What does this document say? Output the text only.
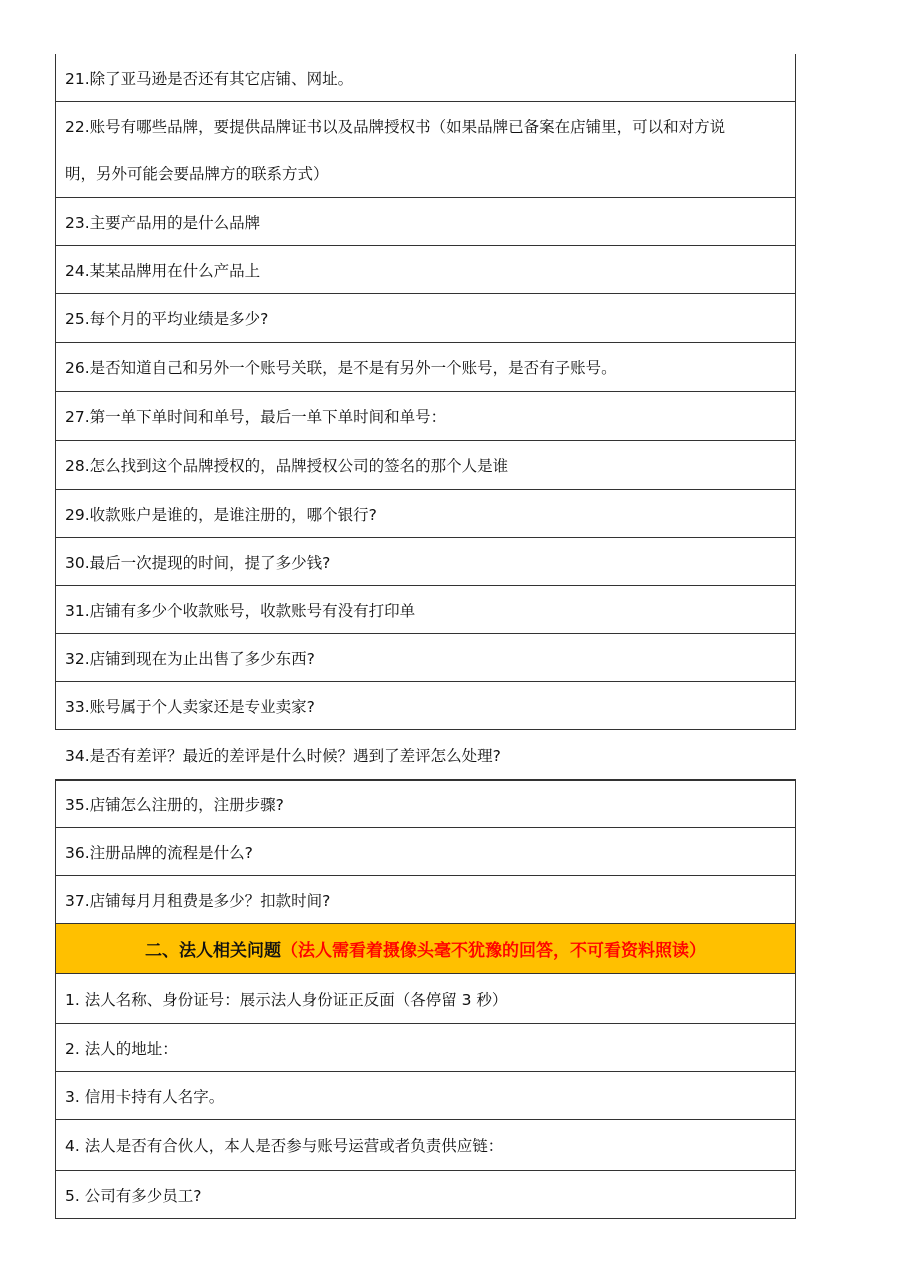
21.除了亚马逊是否还有其它店铺、网址。
22.账号有哪些品牌，要提供品牌证书以及品牌授权书（如果品牌已备案在店铺里，可以和对方说
明，另外可能会要品牌方的联系方式）
23.主要产品用的是什么品牌
24.某某品牌用在什么产品上
25.每个月的平均业绩是多少?
26.是否知道自己和另外一个账号关联，是不是有另外一个账号，是否有子账号。
27.第一单下单时间和单号，最后一单下单时间和单号：
28.怎么找到这个品牌授权的，品牌授权公司的签名的那个人是谁
29.收款账户是谁的，是谁注册的，哪个银行?
30.最后一次提现的时间，提了多少钱?
31.店铺有多少个收款账号，收款账号有没有打印单
32.店铺到现在为止出售了多少东西?
33.账号属于个人卖家还是专业卖家?
34.是否有差评？最近的差评是什么时候？遇到了差评怎么处理?
35.店铺怎么注册的，注册步骤?
36.注册品牌的流程是什么?
37.店铺每月月租费是多少？扣款时间?
二、法人相关问题 （法人需看着摄像头毫不犹豫的回答，不可看资料照读）
1. 法人名称、身份证号：展示法人身份证正反面（各停留 3 秒）
2. 法人的地址：
3. 信用卡持有人名字。
4. 法人是否有合伙人，本人是否参与账号运营或者负责供应链：
5. 公司有多少员工?
